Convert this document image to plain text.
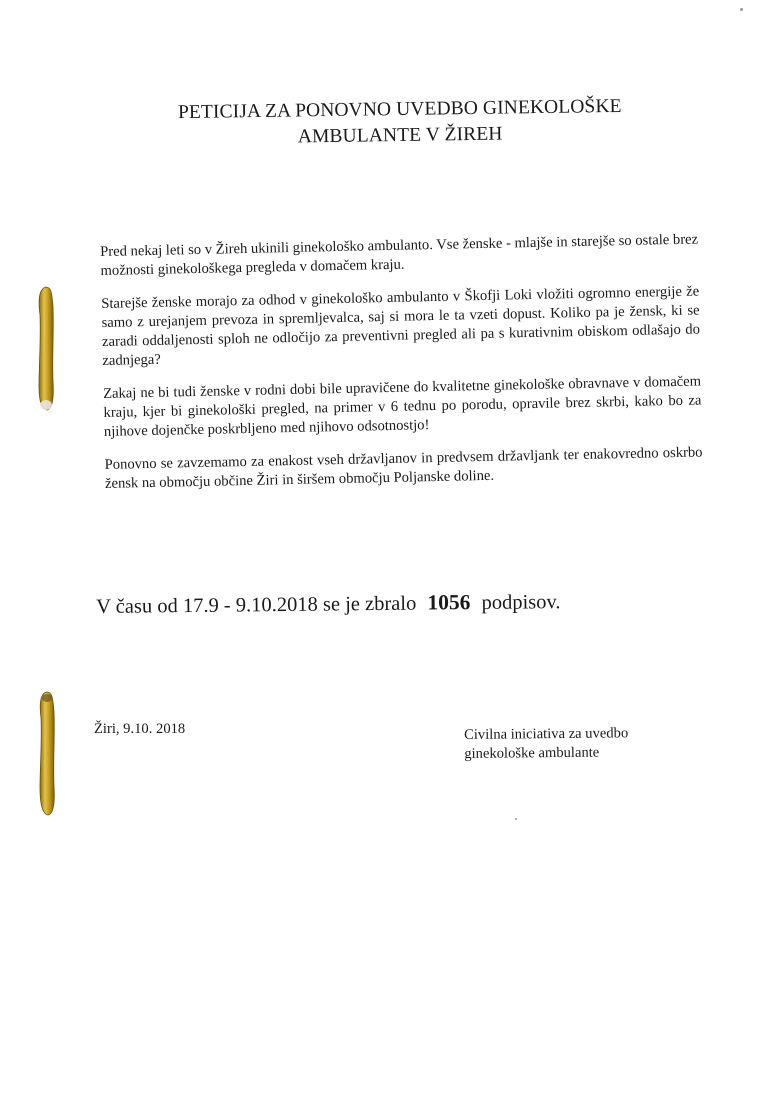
PETICIJA ZA PONOVNO UVEDBO GINEKOLOŠKE
AMBULANTE V ŽIREH

Pred nekaj leti so v Žireh ukinili ginekološko ambulanto. Vse ženske - mlajše in starejše so ostale brez možnosti ginekološkega pregleda v domačem kraju.

Starejše ženske morajo za odhod v ginekološko ambulanto v Škofji Loki vložiti ogromno energije že samo z urejanjem prevoza in spremljevalca, saj si mora le ta vzeti dopust. Koliko pa je žensk, ki se zaradi oddaljenosti sploh ne odločijo za preventivni pregled ali pa s kurativnim obiskom odlašajo do zadnjega?

Zakaj ne bi tudi ženske v rodni dobi bile upravičene do kvalitetne ginekološke obravnave v domačem kraju, kjer bi ginekološki pregled, na primer v 6 tednu po porodu, opravile brez skrbi, kako bo za njihove dojenčke poskrbljeno med njihovo odsotnostjo!

Ponovno se zavzemamo za enakost vseh državljanov in predvsem državljank ter enakovredno oskrbo žensk na območju občine Žiri in širšem območju Poljanske doline.

V času od 17.9 - 9.10.2018 se je zbralo 1056 podpisov.
Žiri, 9.10. 2018	Civilna iniciativa za uvedbo
ginekološke ambulante
